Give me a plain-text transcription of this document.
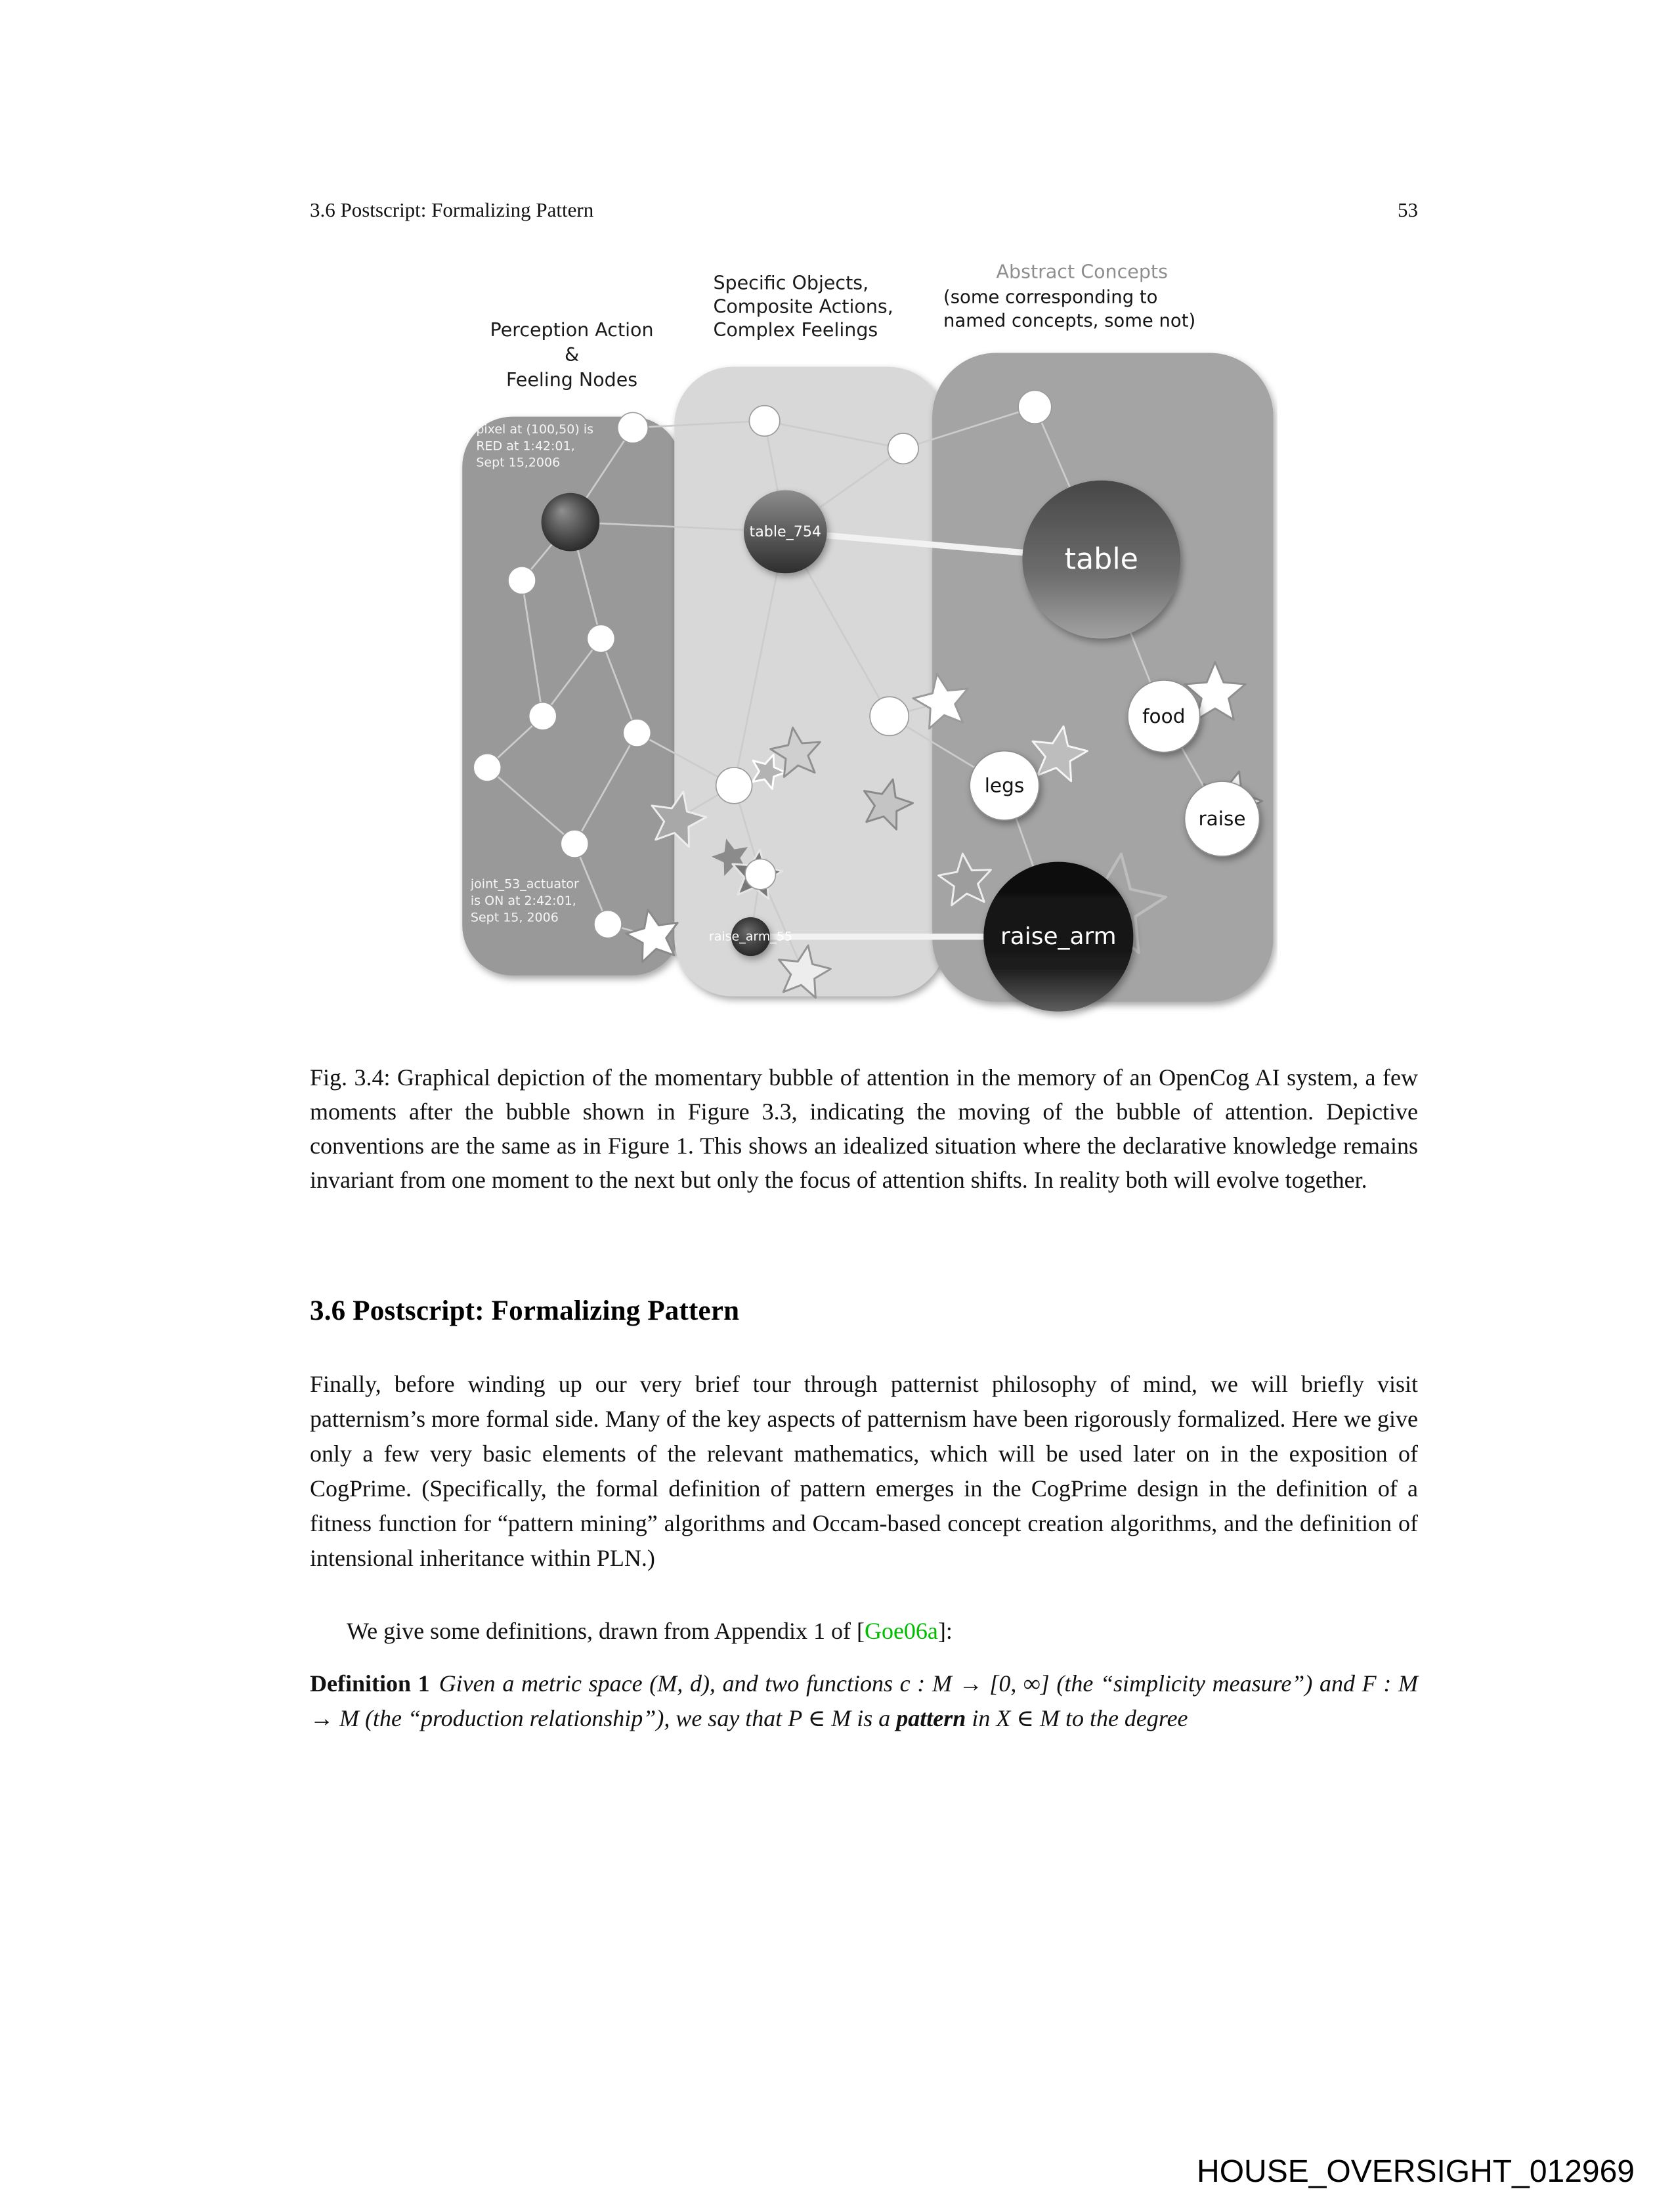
3.6 Postscript: Formalizing Pattern	53
table_754
raise_arm_55
table
food
legs
raise
raise_arm
Perception Action
&
Feeling Nodes
Specific Objects,
Composite Actions,
Complex Feelings
Abstract Concepts
(some corresponding to
named concepts, some not)
pixel at (100,50) is
RED at 1:42:01,
Sept 15,2006
joint_53_actuator
is ON at 2:42:01,
Sept 15, 2006

Fig. 3.4: Graphical depiction of the momentary bubble of attention in the memory of an OpenCog AI system, a few moments after the bubble shown in Figure 3.3, indicating the moving of the bubble of attention. Depictive conventions are the same as in Figure 1. This shows an idealized situation where the declarative knowledge remains invariant from one moment to the next but only the focus of attention shifts. In reality both will evolve together.

3.6 Postscript: Formalizing Pattern

Finally, before winding up our very brief tour through patternist philosophy of mind, we will briefly visit patternism’s more formal side. Many of the key aspects of patternism have been rigorously formalized. Here we give only a few very basic elements of the relevant mathematics, which will be used later on in the exposition of CogPrime. (Specifically, the formal definition of pattern emerges in the CogPrime design in the definition of a fitness function for “pattern mining” algorithms and Occam-based concept creation algorithms, and the definition of intensional inheritance within PLN.)

We give some definitions, drawn from Appendix 1 of [Goe06a]:

Definition 1 Given a metric space (M, d), and two functions c : M → [0, ∞] (the “simplicity measure”) and F : M → M (the “production relationship”), we say that P ∈ M is a pattern in X ∈ M to the degree

HOUSE_OVERSIGHT_012969
